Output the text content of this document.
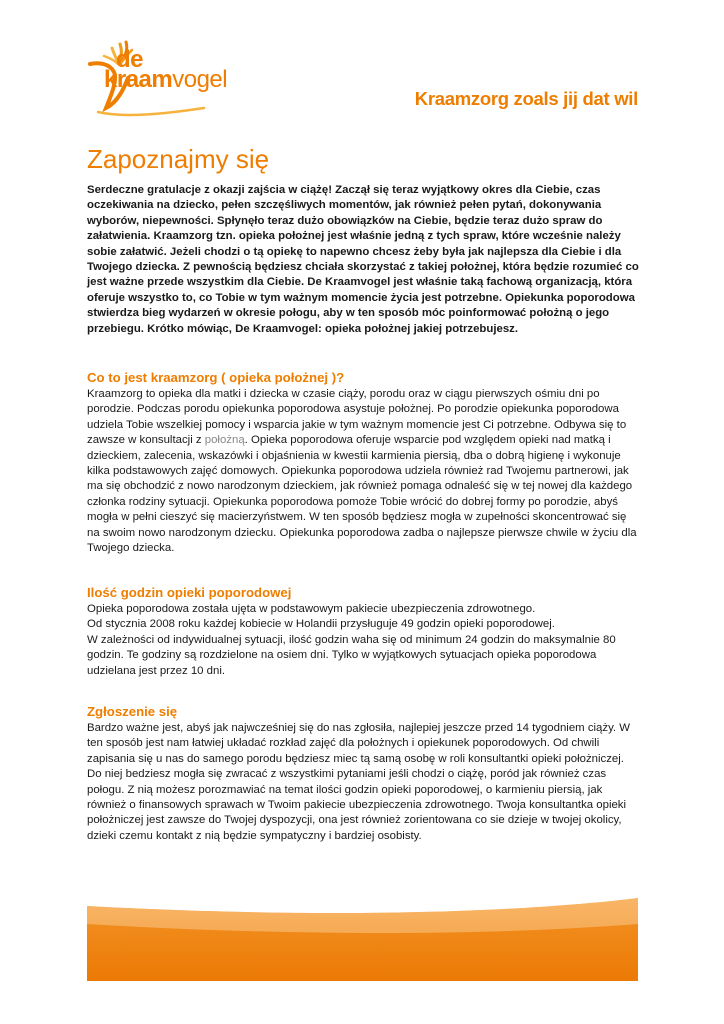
de
kraamvogel
Kraamzorg zoals jij dat wil
Zapoznajmy się

Serdeczne gratulacje z okazji zajścia w ciążę! Zaczął się teraz wyjątkowy okres dla Ciebie, czas oczekiwania na dziecko, pełen szczęśliwych momentów, jak również pełen pytań, dokonywania wyborów, niepewności. Spłynęło teraz dużo obowiązków na Ciebie, będzie teraz dużo spraw do załatwienia. Kraamzorg tzn. opieka położnej jest właśnie jedną z tych spraw, które wcześnie należy sobie załatwić. Jeżeli chodzi o tą opiekę to napewno chcesz żeby była jak najlepsza dla Ciebie i dla Twojego dziecka. Z pewnością będziesz chciała skorzystać z takiej położnej, która będzie rozumieć co jest ważne przede wszystkim dla Ciebie. De Kraamvogel jest właśnie taką fachową organizacją, która oferuje wszystko to, co Tobie w tym ważnym momencie życia jest potrzebne. Opiekunka poporodowa stwierdza bieg wydarzeń w okresie połogu, aby w ten sposób móc poinformować położną o jego przebiegu. Krótko mówiąc, De Kraamvogel: opieka położnej jakiej potrzebujesz.

Co to jest kraamzorg ( opieka położnej )?

Kraamzorg to opieka dla matki i dziecka w czasie ciąży, porodu oraz w ciągu pierwszych ośmiu dni po porodzie. Podczas porodu opiekunka poporodowa asystuje położnej. Po porodzie opiekunka poporodowa udziela Tobie wszelkiej pomocy i wsparcia jakie w tym ważnym momencie jest Ci potrzebne. Odbywa się to zawsze w konsultacji z położną. Opieka poporodowa oferuje wsparcie pod względem opieki nad matką i dzieckiem, zalecenia, wskazówki i objaśnienia w kwestii karmienia piersią, dba o dobrą higienę i wykonuje kilka podstawowych zajęć domowych. Opiekunka poporodowa udziela również rad Twojemu partnerowi, jak ma się obchodzić z nowo narodzonym dzieckiem, jak również pomaga odnaleść się w tej nowej dla każdego członka rodziny sytuacji. Opiekunka poporodowa pomoże Tobie wrócić do dobrej formy po porodzie, abyś mogła w pełni cieszyć się macierzyństwem. W ten sposób będziesz mogła w zupełności skoncentrować się na swoim nowo narodzonym dziecku. Opiekunka poporodowa zadba o najlepsze pierwsze chwile w życiu dla Twojego dziecka.

Ilość godzin opieki poporodowej

Opieka poporodowa została ujęta w podstawowym pakiecie ubezpieczenia zdrowotnego.
Od stycznia 2008 roku każdej kobiecie w Holandii przysługuje 49 godzin opieki poporodowej.
W zależności od indywidualnej sytuacji, ilość godzin waha się od minimum 24 godzin do maksymalnie 80 godzin. Te godziny są rozdzielone na osiem dni. Tylko w wyjątkowych sytuacjach opieka poporodowa udzielana jest przez 10 dni.

Zgłoszenie się

Bardzo ważne jest, abyś jak najwcześniej się do nas zgłosiła, najlepiej jeszcze przed 14 tygodniem ciąży. W ten sposób jest nam łatwiej układać rozkład zajęć dla położnych i opiekunek poporodowych. Od chwili zapisania się u nas do samego porodu będziesz miec tą samą osobę w roli konsultantki opieki położniczej. Do niej bedziesz mogła się zwracać z wszystkimi pytaniami jeśli chodzi o ciążę, poród jak również czas połogu. Z nią możesz porozmawiać na temat ilości godzin opieki poporodowej, o karmieniu piersią, jak również o finansowych sprawach w Twoim pakiecie ubezpieczenia zdrowotnego. Twoja konsultantka opieki położniczej jest zawsze do Twojej dyspozycji, ona jest również zorientowana co sie dzieje w twojej okolicy, dzieki czemu kontakt z nią będzie sympatyczny i bardziej osobisty.
